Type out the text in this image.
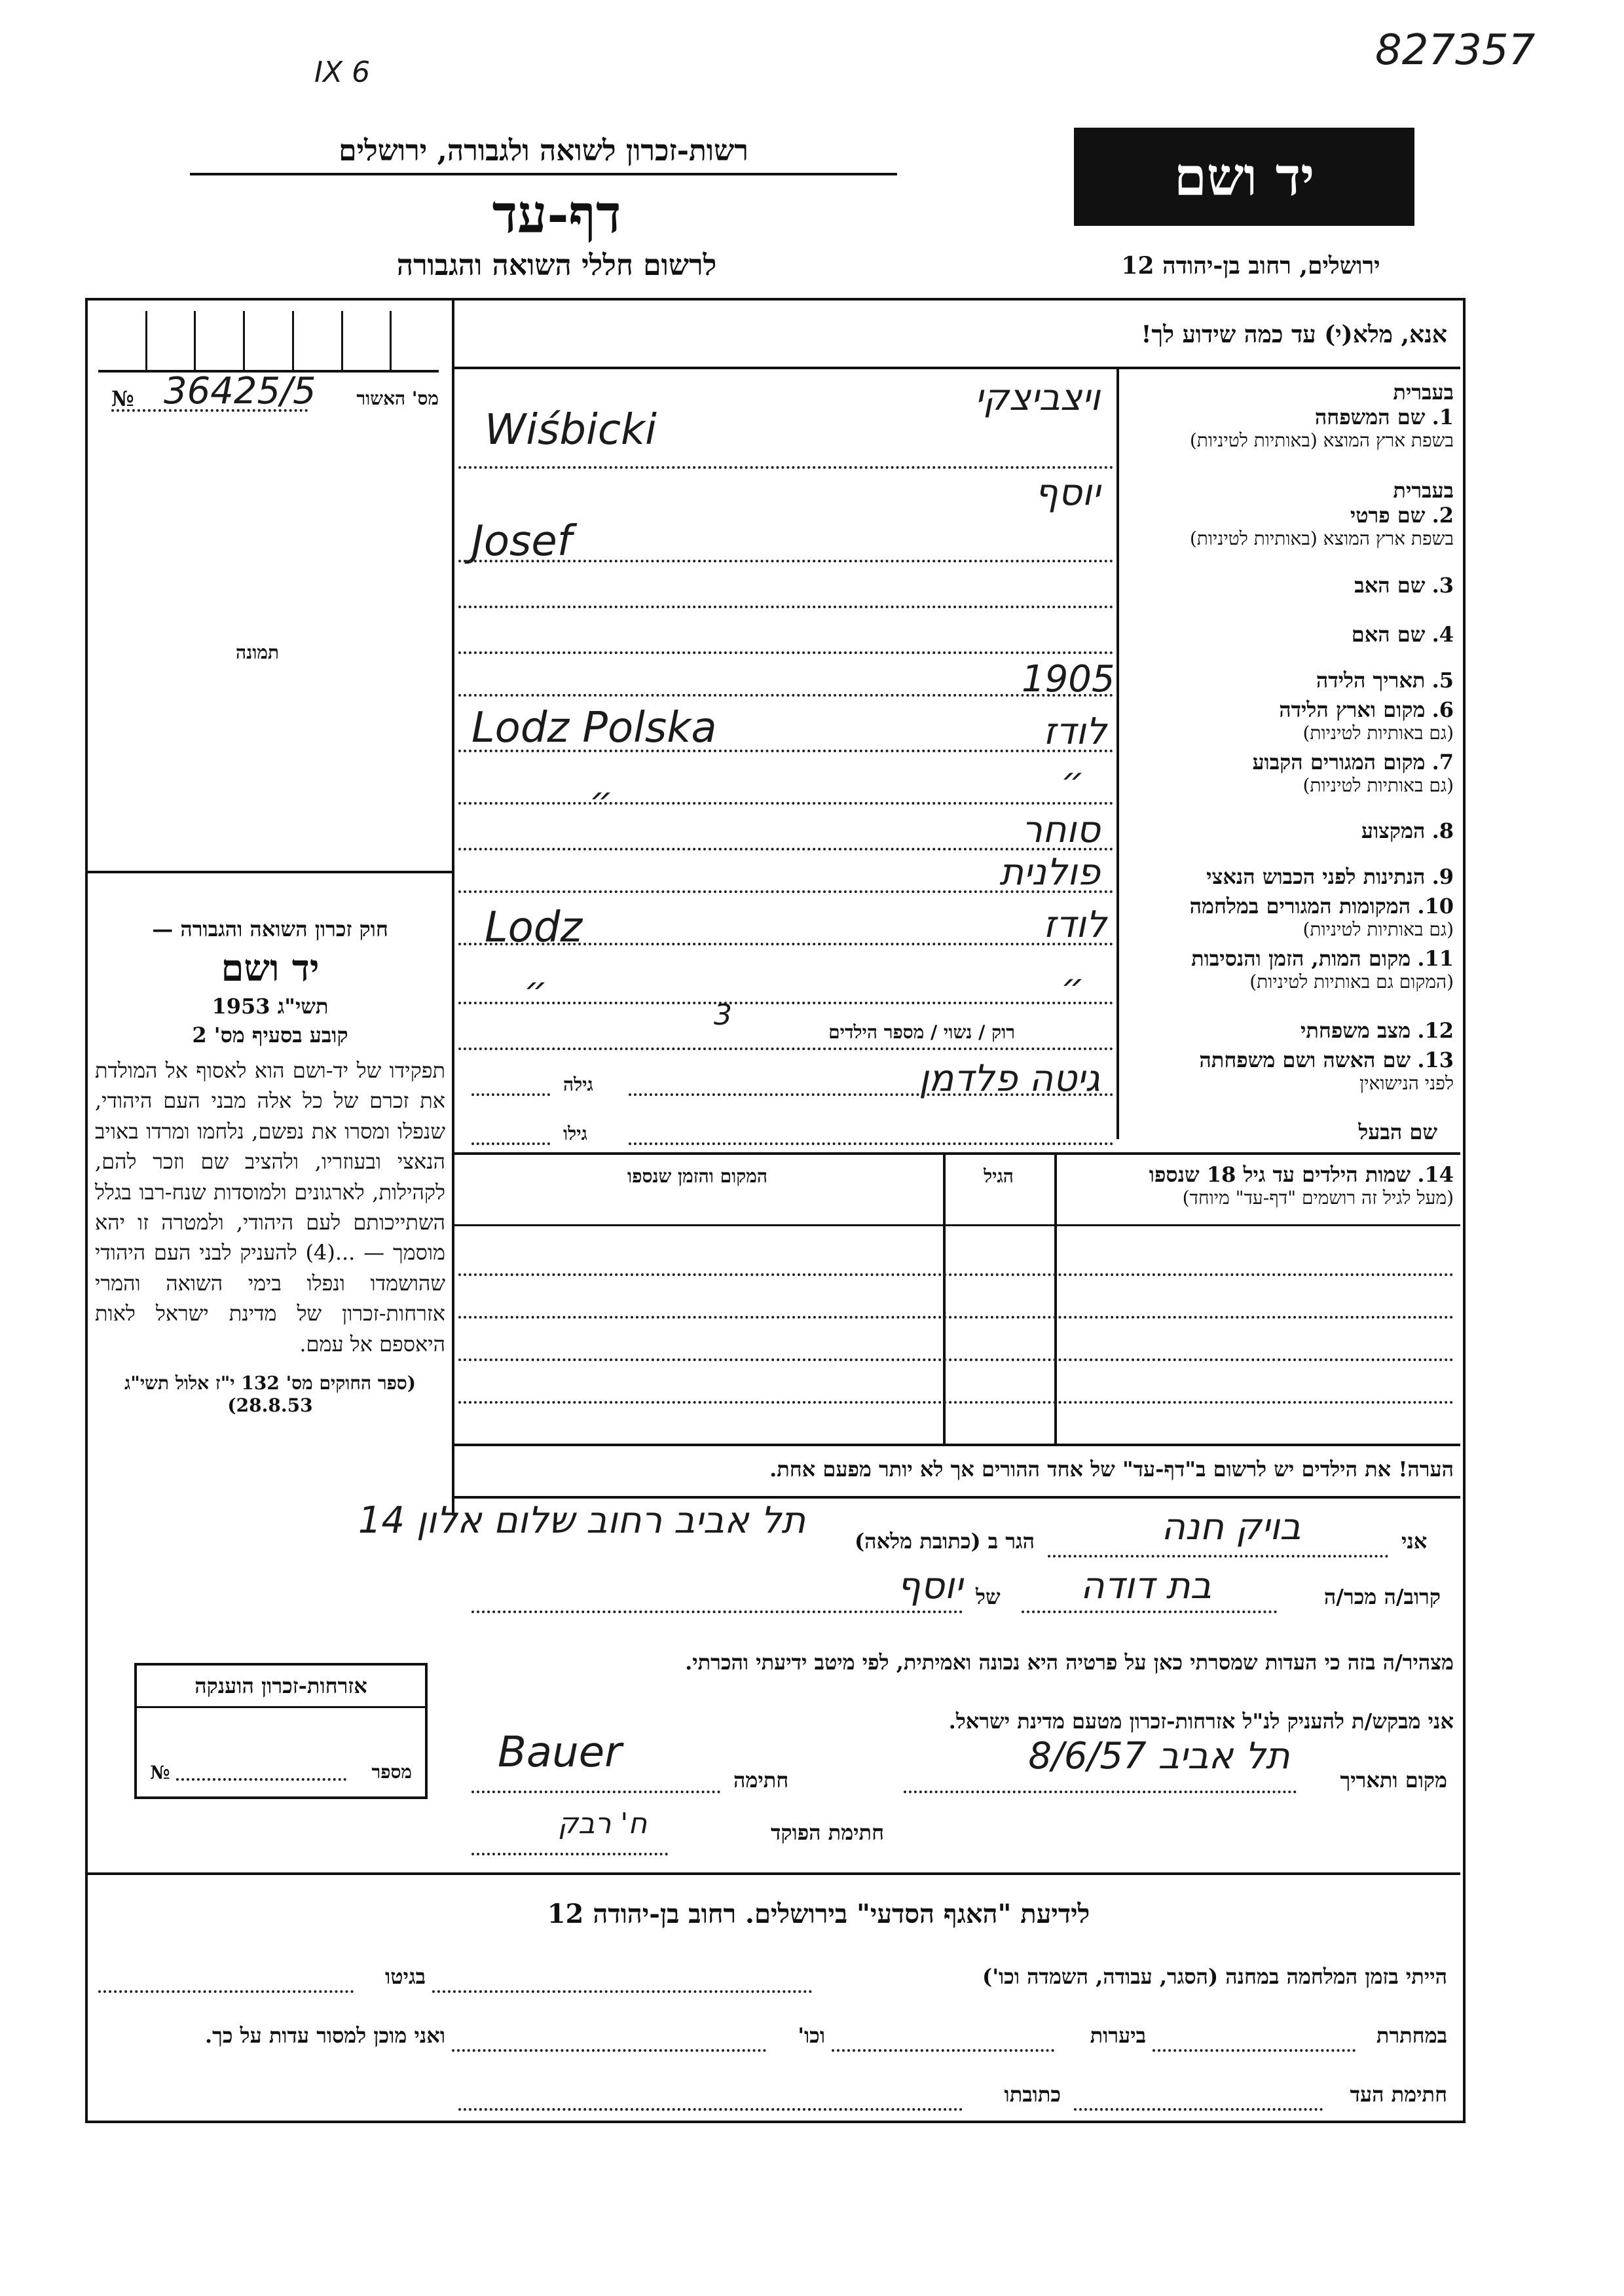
IX 6	827357
רשות-זכרון לשואה ולגבורה, ירושלים
דף-עד
לרשום חללי השואה והגבורה
יד ושם
ירושלים, רחוב בן-יהודה 12
מס' האשור
36425/5
№
תמונה
אנא, מלא(י) עד כמה שידוע לך!
בעברית
1. שם המשפחה
בשפת ארץ המוצא (באותיות לטיניות)
ויצביצקי
Wiśbicki
בעברית
2. שם פרטי
בשפת ארץ המוצא (באותיות לטיניות)
יוסף
Josef
3. שם האב
4. שם האם
5. תאריך הלידה
1905
6. מקום וארץ הלידה
(גם באותיות לטיניות)
לודז
Lodz Polska
7. מקום המגורים הקבוע
(גם באותיות לטיניות)
״
״
8. המקצוע
סוחר
9. הנתינות לפני הכבוש הנאצי
פולנית
10. המקומות המגורים במלחמה
(גם באותיות לטיניות)
לודז
Lodz
11. מקום המות, הזמן והנסיבות
(המקום גם באותיות לטיניות)
״
״
12. מצב משפחתי
רוק / נשוי / מספר הילדים
3
13. שם האשה ושם משפחתה
לפני הנישואין
גיטה פלדמן
גילה
שם הבעל
גילו
14. שמות הילדים עד גיל 18 שנספו
(מעל לגיל זה רושמים "דף-עד" מיוחד)
הגיל
המקום והזמן שנספו
הערה! את הילדים יש לרשום ב"דף-עד" של אחד ההורים אך לא יותר מפעם אחת.
חוק זכרון השואה והגבורה —
יד ושם
תשי"ג 1953
קובע בסעיף מס' 2
תפקידו של יד-ושם הוא לאסוף אל המולדת את זכרם של כל אלה מבני העם היהודי, שנפלו ומסרו את נפשם, נלחמו ומרדו באויב הנאצי ובעוזריו, ולהציב שם וזכר להם, לקהילות, לארגונים ולמוסדות שנח-רבו בגלל השתייכותם לעם היהודי, ולמטרה זו יהא מוסמך — ...(4) להעניק לבני העם היהודי שהושמדו ונפלו בימי השואה והמרי אזרחות-זכרון של מדינת ישראל לאות היאספם אל עמם.
(ספר החוקים מס' 132 י"ז אלול תשי"ג 28.8.53)
אני
בויק חנה
הגר ב (כתובת מלאה)
תל אביב רחוב שלום אלון 14
קרוב/ה מכר/ה
בת דודה
של
יוסף
מצהיר/ה בזה כי העדות שמסרתי כאן על פרטיה היא נכונה ואמיתית, לפי מיטב ידיעתי והכרתי.
אני מבקש/ת להעניק לנ"ל אזרחות-זכרון מטעם מדינת ישראל.
מקום ותאריך
תל אביב 8/6/57
חתימה
Bauer
חתימת הפוקד
ח' רבק
אזרחות-זכרון הוענקה
מספר
№
לידיעת "האגף הסדעי" בירושלים. רחוב בן-יהודה 12
הייתי בזמן המלחמה במחנה (הסגר, עבודה, השמדה וכו')
בגיטו
במחתרת
ביערות
וכו'
ואני מוכן למסור עדות על כך.
חתימת העד
כתובתו
